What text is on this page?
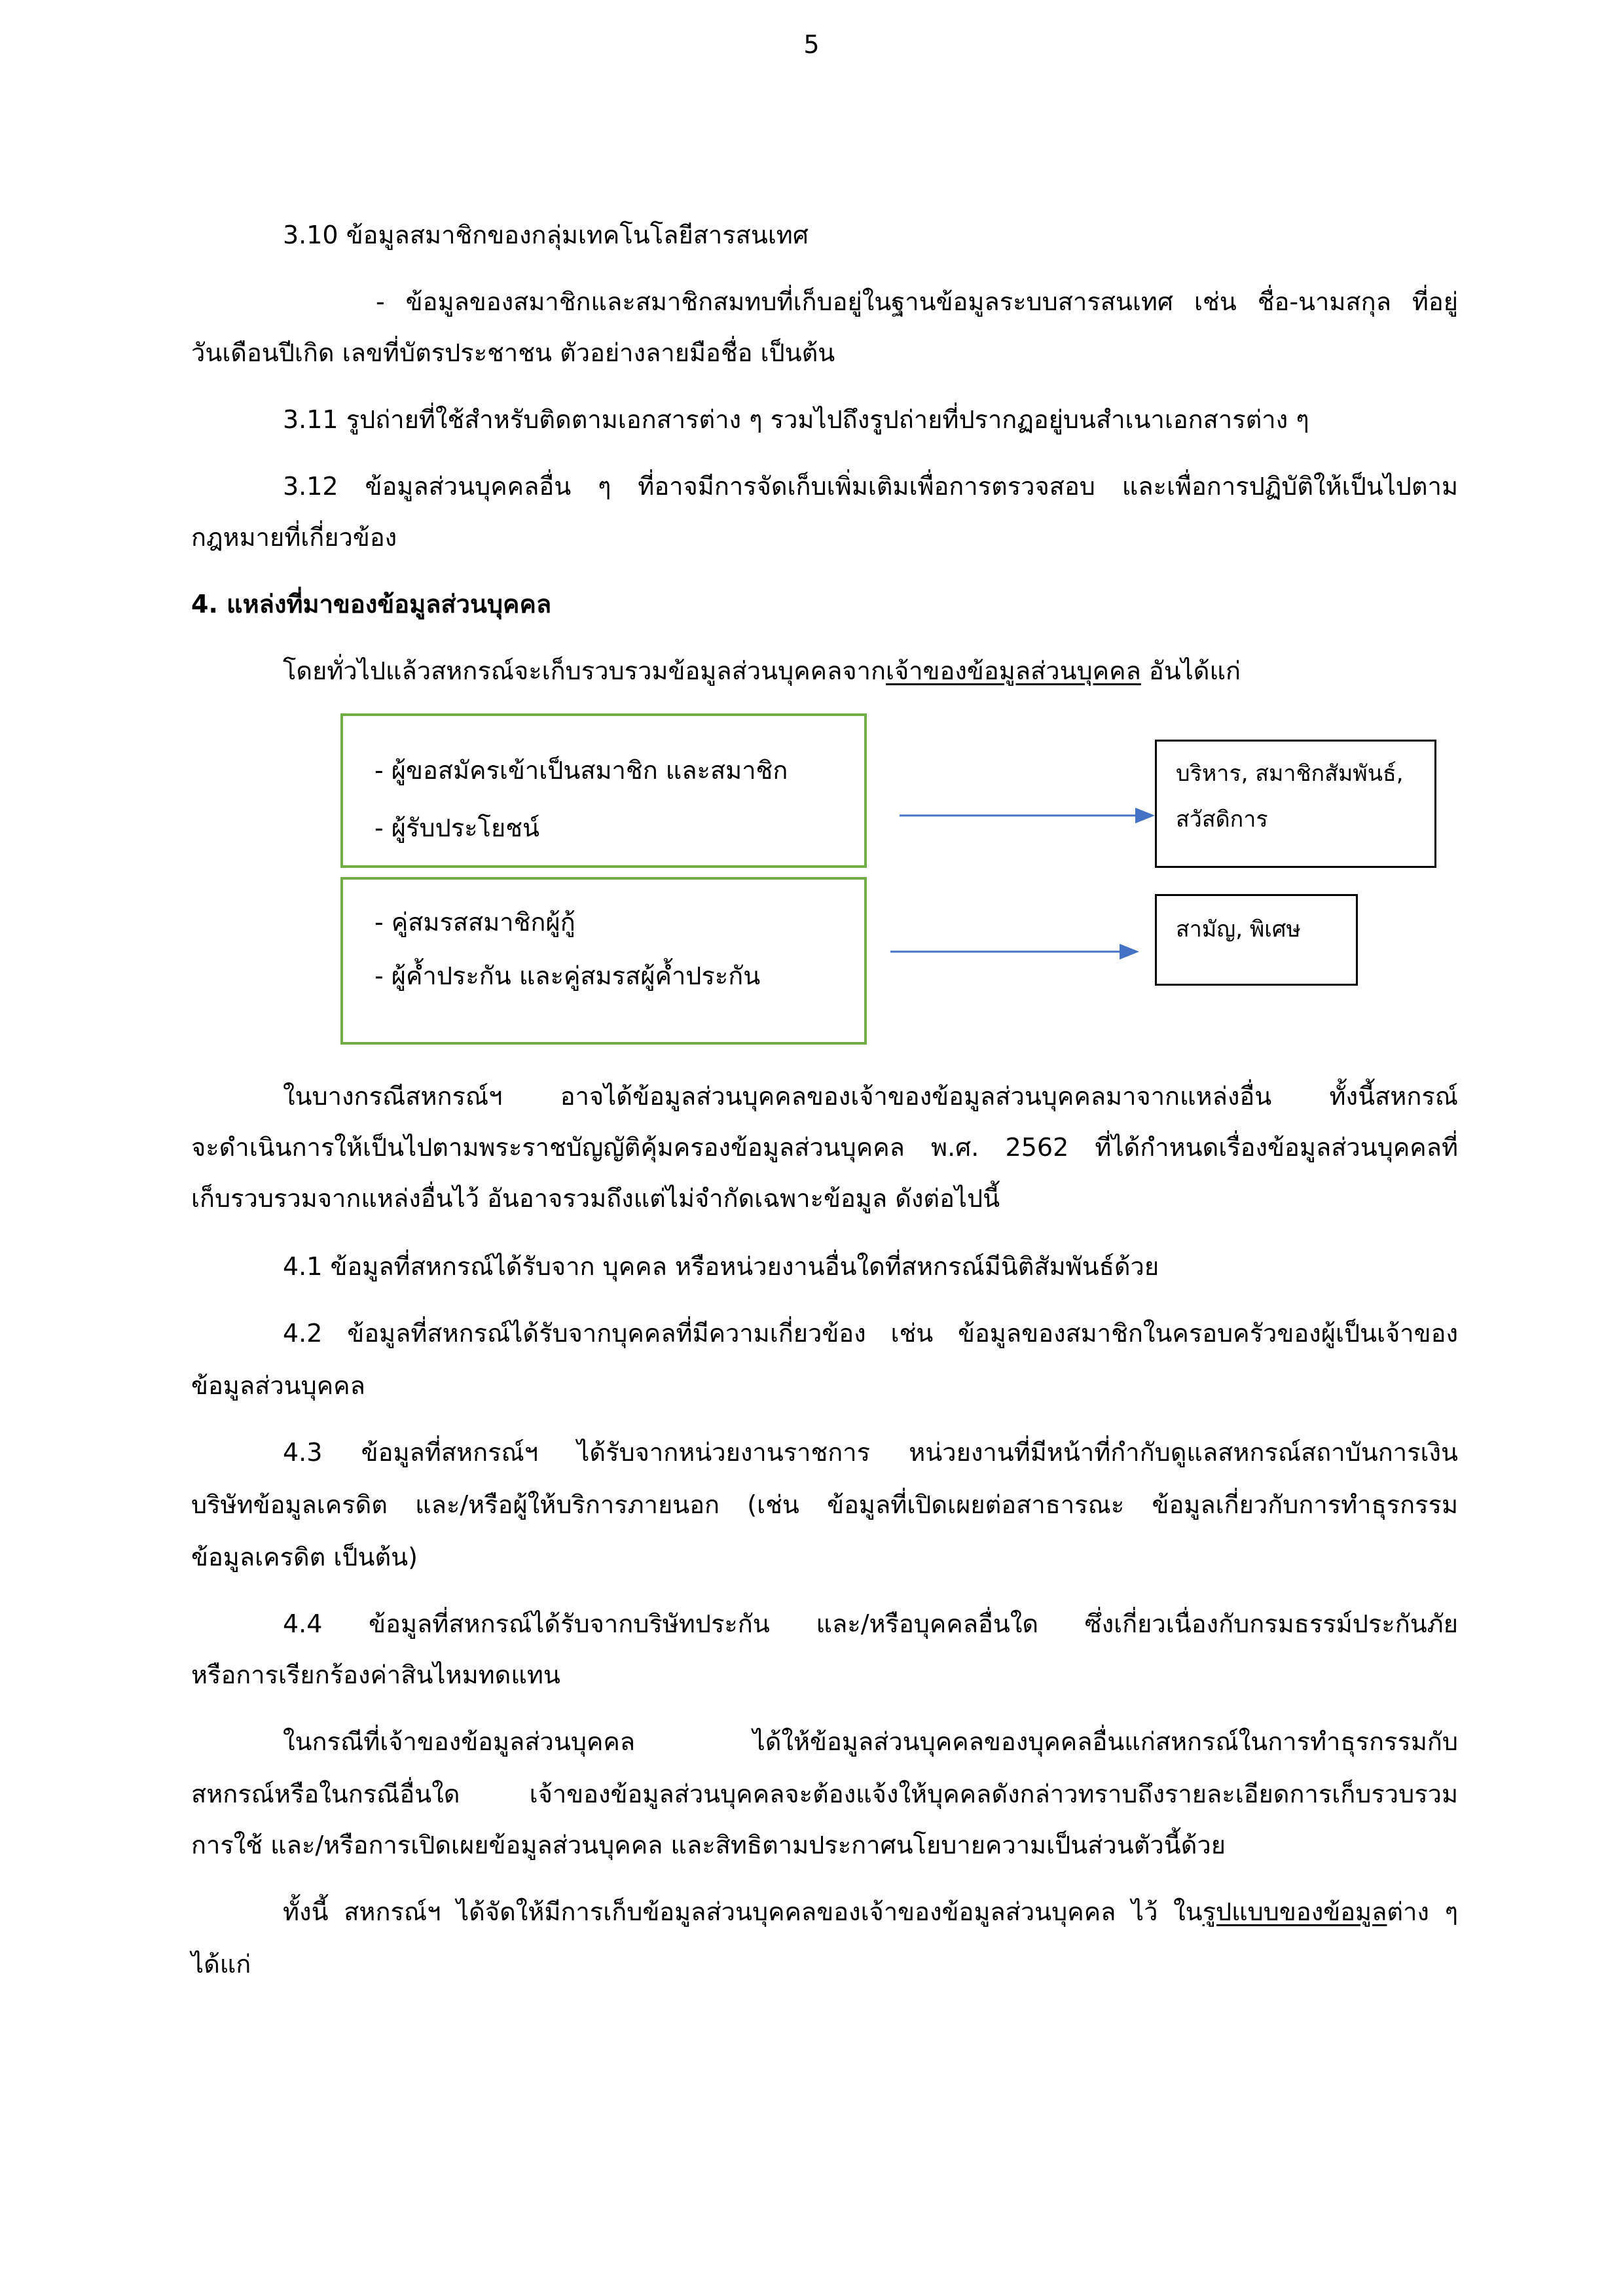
5

3.10 ข้อมูลสมาชิกของกลุ่มเทคโนโลยีสารสนเทศ

- ข้อมูลของสมาชิกและสมาชิกสมทบที่เก็บอยู่ในฐานข้อมูลระบบสารสนเทศ เช่น ชื่อ-นามสกุล ที่อยู่

วันเดือนปีเกิด เลขที่บัตรประชาชน ตัวอย่างลายมือชื่อ เป็นต้น

3.11 รูปถ่ายที่ใช้สำหรับติดตามเอกสารต่าง ๆ รวมไปถึงรูปถ่ายที่ปรากฏอยู่บนสำเนาเอกสารต่าง ๆ

3.12 ข้อมูลส่วนบุคคลอื่น ๆ ที่อาจมีการจัดเก็บเพิ่มเติมเพื่อการตรวจสอบ และเพื่อการปฏิบัติให้เป็นไปตาม

กฎหมายที่เกี่ยวข้อง

4. แหล่งที่มาของข้อมูลส่วนบุคคล

โดยทั่วไปแล้วสหกรณ์จะเก็บรวบรวมข้อมูลส่วนบุคคลจากเจ้าของข้อมูลส่วนบุคคล อันได้แก่

- ผู้ขอสมัครเข้าเป็นสมาชิก และสมาชิก

- ผู้รับประโยชน์

- คู่สมรสสมาชิกผู้กู้

- ผู้ค้ำประกัน และคู่สมรสผู้ค้ำประกัน

บริหาร, สมาชิกสัมพันธ์,

สวัสดิการ

สามัญ, พิเศษ

ในบางกรณีสหกรณ์ฯ อาจได้ข้อมูลส่วนบุคคลของเจ้าของข้อมูลส่วนบุคคลมาจากแหล่งอื่น ทั้งนี้สหกรณ์

จะดำเนินการให้เป็นไปตามพระราชบัญญัติคุ้มครองข้อมูลส่วนบุคคล พ.ศ. 2562 ที่ได้กำหนดเรื่องข้อมูลส่วนบุคคลที่

เก็บรวบรวมจากแหล่งอื่นไว้ อันอาจรวมถึงแต่ไม่จำกัดเฉพาะข้อมูล ดังต่อไปนี้

4.1 ข้อมูลที่สหกรณ์ได้รับจาก บุคคล หรือหน่วยงานอื่นใดที่สหกรณ์มีนิติสัมพันธ์ด้วย

4.2 ข้อมูลที่สหกรณ์ได้รับจากบุคคลที่มีความเกี่ยวข้อง เช่น ข้อมูลของสมาชิกในครอบครัวของผู้เป็นเจ้าของ

ข้อมูลส่วนบุคคล

4.3 ข้อมูลที่สหกรณ์ฯ ได้รับจากหน่วยงานราชการ หน่วยงานที่มีหน้าที่กำกับดูแลสหกรณ์สถาบันการเงิน

บริษัทข้อมูลเครดิต และ/หรือผู้ให้บริการภายนอก (เช่น ข้อมูลที่เปิดเผยต่อสาธารณะ ข้อมูลเกี่ยวกับการทำธุรกรรม

ข้อมูลเครดิต เป็นต้น)

4.4 ข้อมูลที่สหกรณ์ได้รับจากบริษัทประกัน และ/หรือบุคคลอื่นใด ซึ่งเกี่ยวเนื่องกับกรมธรรม์ประกันภัย

หรือการเรียกร้องค่าสินไหมทดแทน

ในกรณีที่เจ้าของข้อมูลส่วนบุคคล ได้ให้ข้อมูลส่วนบุคคลของบุคคลอื่นแก่สหกรณ์ในการทำธุรกรรมกับ

สหกรณ์หรือในกรณีอื่นใด เจ้าของข้อมูลส่วนบุคคลจะต้องแจ้งให้บุคคลดังกล่าวทราบถึงรายละเอียดการเก็บรวบรวม

การใช้ และ/หรือการเปิดเผยข้อมูลส่วนบุคคล และสิทธิตามประกาศนโยบายความเป็นส่วนตัวนี้ด้วย

ทั้งนี้ สหกรณ์ฯ ได้จัดให้มีการเก็บข้อมูลส่วนบุคคลของเจ้าของข้อมูลส่วนบุคคล ไว้ ในรูปแบบของข้อมูลต่าง ๆ

ได้แก่
